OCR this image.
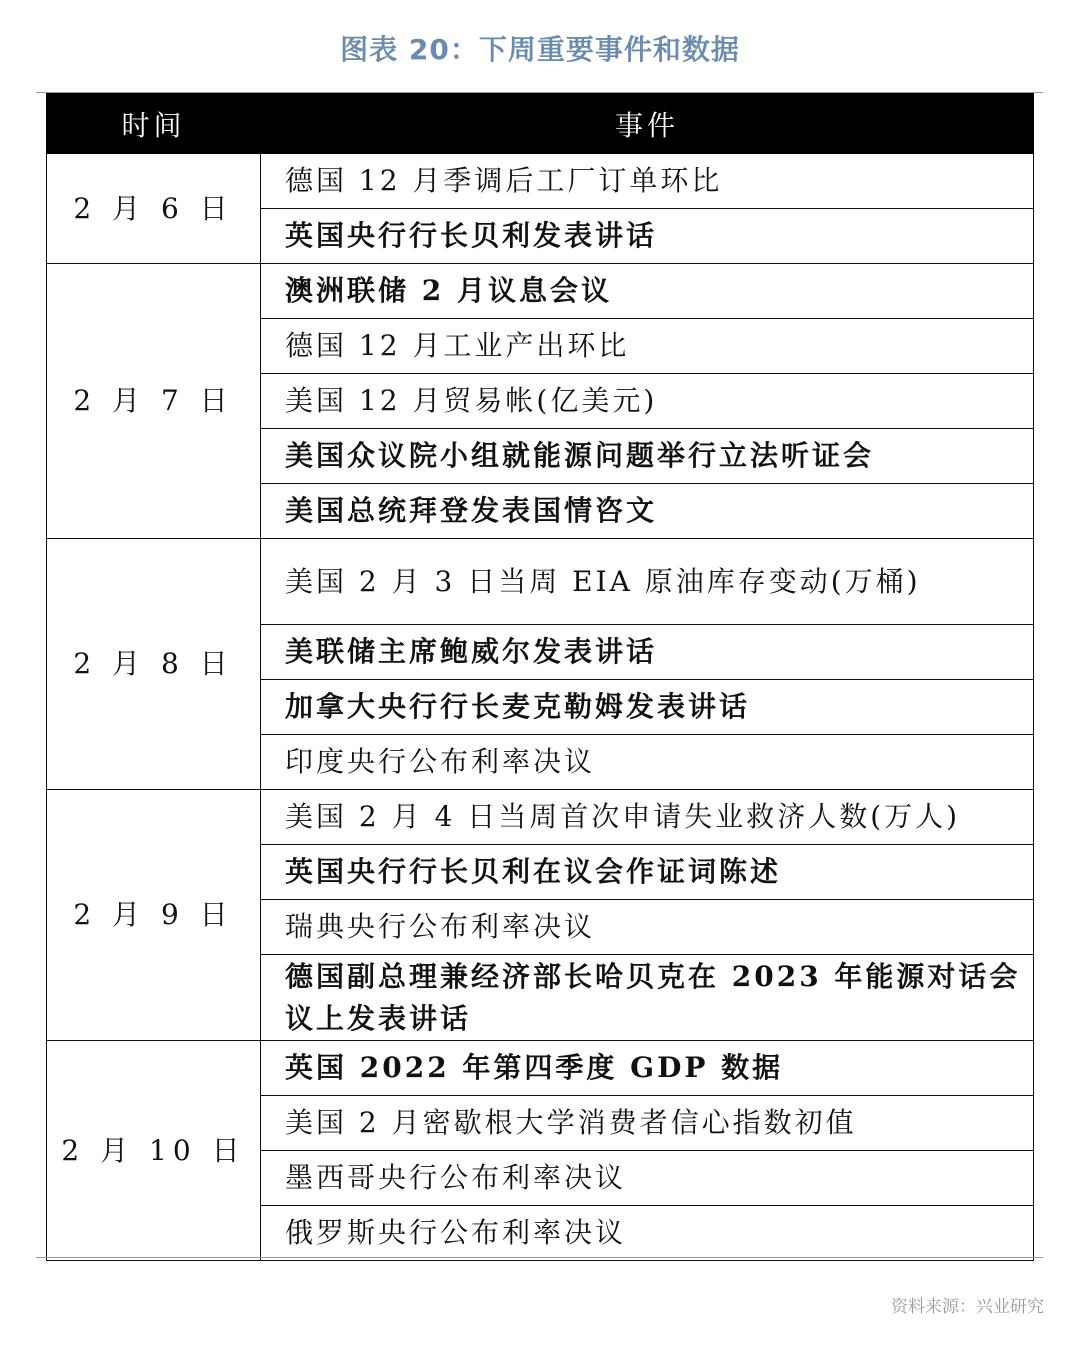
图表 20：下周重要事件和数据
时间	事件
2 月 6 日	德国 12 月季调后工厂订单环比
	英国央行行长贝利发表讲话
2 月 7 日	澳洲联储 2 月议息会议
	德国 12 月工业产出环比
	美国 12 月贸易帐(亿美元)
	美国众议院小组就能源问题举行立法听证会
	美国总统拜登发表国情咨文
2 月 8 日	美国 2 月 3 日当周 EIA 原油库存变动(万桶)
	美联储主席鲍威尔发表讲话
	加拿大央行行长麦克勒姆发表讲话
	印度央行公布利率决议
2 月 9 日	美国 2 月 4 日当周首次申请失业救济人数(万人)
	英国央行行长贝利在议会作证词陈述
	瑞典央行公布利率决议
	德国副总理兼经济部长哈贝克在 2023 年能源对话会议上发表讲话
2 月 10 日	英国 2022 年第四季度 GDP 数据
	美国 2 月密歇根大学消费者信心指数初值
	墨西哥央行公布利率决议
	俄罗斯央行公布利率决议
资料来源：兴业研究
